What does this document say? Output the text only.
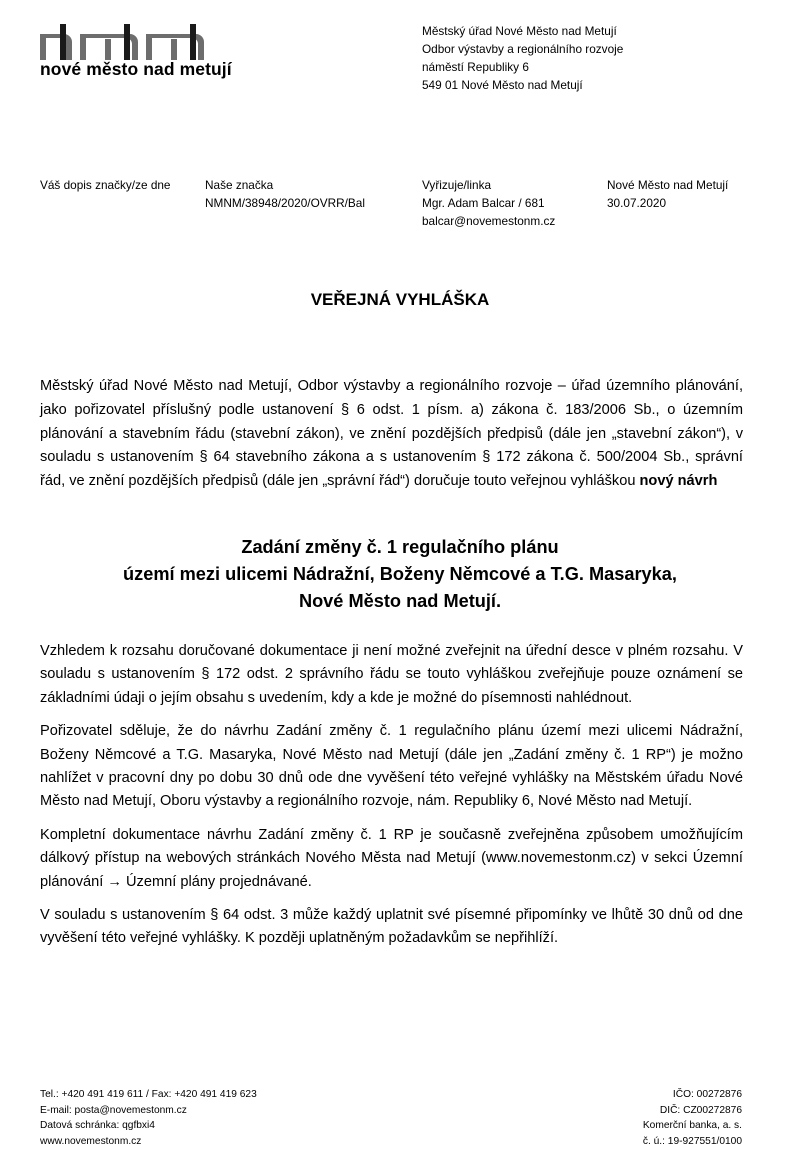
nové město nad metují
Městský úřad Nové Město nad Metují
Odbor výstavby a regionálního rozvoje
náměstí Republiky 6
549 01 Nové Město nad Metují
Váš dopis značky/ze dne	Naše značka
NMNM/38948/2020/OVRR/Bal
Vyřizuje/linka
Mgr. Adam Balcar / 681
balcar@novemestonm.cz
Nové Město nad Metují
30.07.2020
VEŘEJNÁ VYHLÁŠKA
Městský úřad Nové Město nad Metují, Odbor výstavby a regionálního rozvoje – úřad územního plánování, jako pořizovatel příslušný podle ustanovení § 6 odst. 1 písm. a) zákona č. 183/2006 Sb., o územním plánování a stavebním řádu (stavební zákon), ve znění pozdějších předpisů (dále jen „stavební zákon“), v souladu s ustanovením § 64 stavebního zákona a s ustanovením § 172 zákona č. 500/2004 Sb., správní řád, ve znění pozdějších předpisů (dále jen „správní řád“) doručuje touto veřejnou vyhláškou nový návrh
Zadání změny č. 1 regulačního plánu
území mezi ulicemi Nádražní, Boženy Němcové a T.G. Masaryka,
Nové Město nad Metují.

Vzhledem k rozsahu doručované dokumentace ji není možné zveřejnit na úřední desce v plném rozsahu. V souladu s ustanovením § 172 odst. 2 správního řádu se touto vyhláškou zveřejňuje pouze oznámení se základními údaji o jejím obsahu s uvedením, kdy a kde je možné do písemnosti nahlédnout.

Pořizovatel sděluje, že do návrhu Zadání změny č. 1 regulačního plánu území mezi ulicemi Nádražní, Boženy Němcové a T.G. Masaryka, Nové Město nad Metují (dále jen „Zadání změny č. 1 RP“) je možno nahlížet v pracovní dny po dobu 30 dnů ode dne vyvěšení této veřejné vyhlášky na Městském úřadu Nové Město nad Metují, Oboru výstavby a regionálního rozvoje, nám. Republiky 6, Nové Město nad Metují.

Kompletní dokumentace návrhu Zadání změny č. 1 RP je současně zveřejněna způsobem umožňujícím dálkový přístup na webových stránkách Nového Města nad Metují (www.novemestonm.cz) v sekci Územní plánování → Územní plány projednávané.

V souladu s ustanovením § 64 odst. 3 může každý uplatnit své písemné připomínky ve lhůtě 30 dnů od dne vyvěšení této veřejné vyhlášky. K později uplatněným požadavkům se nepřihlíží.

Tel.: +420 491 419 611 / Fax: +420 491 419 623
E-mail: posta@novemestonm.cz
Datová schránka: qgfbxi4
www.novemestonm.cz
IČO: 00272876
DIČ: CZ00272876
Komerční banka, a. s.
č. ú.: 19-927551/0100
